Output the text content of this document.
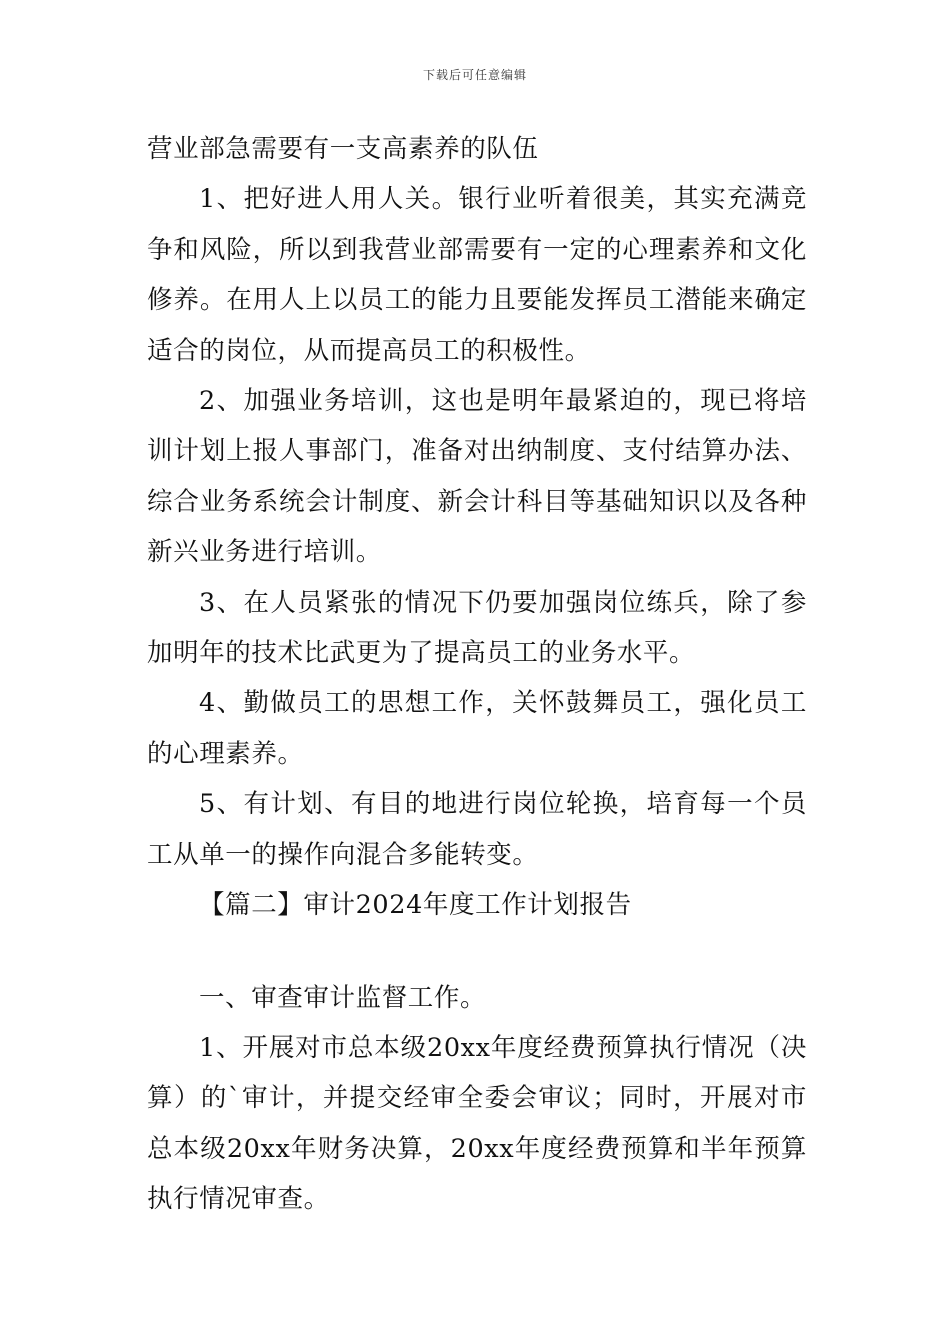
下载后可任意编辑

营业部急需要有一支高素养的队伍

1、把好进人用人关。银行业听着很美，其实充满竞争和风险，所以到我营业部需要有一定的心理素养和文化修养。在用人上以员工的能力且要能发挥员工潜能来确定适合的岗位，从而提高员工的积极性。

2、加强业务培训，这也是明年最紧迫的，现已将培训计划上报人事部门，准备对出纳制度、支付结算办法、综合业务系统会计制度、新会计科目等基础知识以及各种新兴业务进行培训。

3、在人员紧张的情况下仍要加强岗位练兵，除了参加明年的技术比武更为了提高员工的业务水平。

4、勤做员工的思想工作，关怀鼓舞员工，强化员工的心理素养。

5、有计划、有目的地进行岗位轮换，培育每一个员工从单一的操作向混合多能转变。

【篇二】审计2024年度工作计划报告

一、审查审计监督工作。

1、开展对市总本级20xx年度经费预算执行情况（决算）的`审计，并提交经审全委会审议；同时，开展对市总本级20xx年财务决算，20xx年度经费预算和半年预算执行情况审查。
